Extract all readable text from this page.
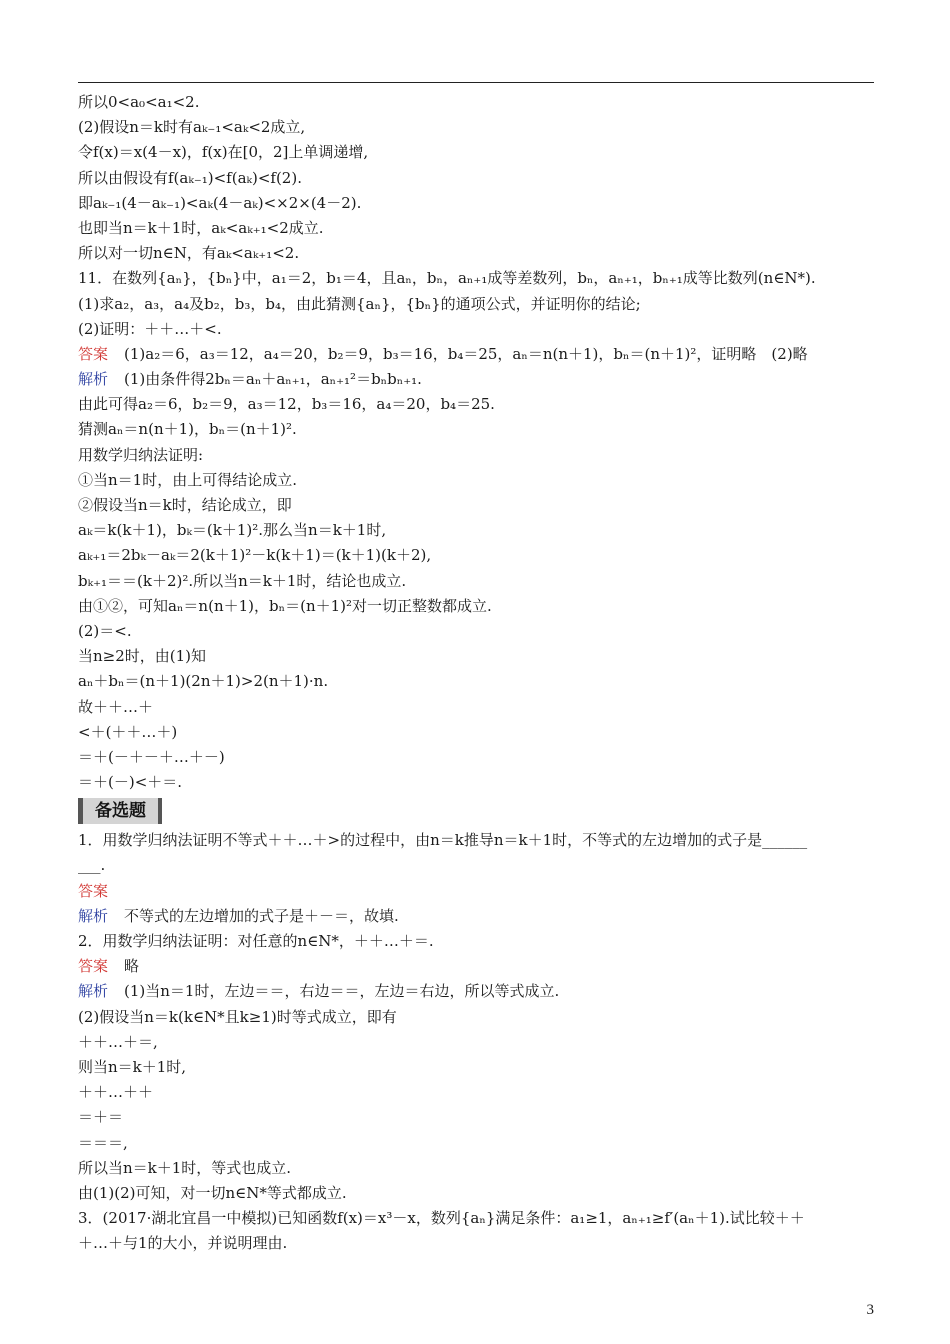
所以0<a₀<a₁<2.
(2)假设n＝k时有aₖ₋₁<aₖ<2成立,
令f(x)＝x(4－x)，f(x)在[0，2]上单调递增,
所以由假设有f(aₖ₋₁)<f(aₖ)<f(2).
即aₖ₋₁(4－aₖ₋₁)<aₖ(4－aₖ)<×2×(4－2).
也即当n＝k＋1时，aₖ<aₖ₊₁<2成立.
所以对一切n∈N，有aₖ<aₖ₊₁<2.
11．在数列{aₙ}，{bₙ}中，a₁＝2，b₁＝4，且aₙ，bₙ，aₙ₊₁成等差数列，bₙ，aₙ₊₁，bₙ₊₁成等比数列(n∈N*).
(1)求a₂，a₃，a₄及b₂，b₃，b₄，由此猜测{aₙ}，{bₙ}的通项公式，并证明你的结论;
(2)证明：＋＋…＋<.
答案 (1)a₂＝6，a₃＝12，a₄＝20，b₂＝9，b₃＝16，b₄＝25，aₙ＝n(n＋1)，bₙ＝(n＋1)²，证明略　(2)略
解析 (1)由条件得2bₙ＝aₙ＋aₙ₊₁，aₙ₊₁²＝bₙbₙ₊₁.
由此可得a₂＝6，b₂＝9，a₃＝12，b₃＝16，a₄＝20，b₄＝25.
猜测aₙ＝n(n＋1)，bₙ＝(n＋1)².
用数学归纳法证明:
①当n＝1时，由上可得结论成立.
②假设当n＝k时，结论成立，即
aₖ＝k(k＋1)，bₖ＝(k＋1)².那么当n＝k＋1时,
aₖ₊₁＝2bₖ－aₖ＝2(k＋1)²－k(k＋1)＝(k＋1)(k＋2),
bₖ₊₁＝＝(k＋2)².所以当n＝k＋1时，结论也成立.
由①②，可知aₙ＝n(n＋1)，bₙ＝(n＋1)²对一切正整数都成立.
(2)＝<.
当n≥2时，由(1)知
aₙ＋bₙ＝(n＋1)(2n＋1)>2(n＋1)·n.
故＋＋…＋
<＋(＋＋…＋)
＝＋(－＋－＋…＋－)
＝＋(－)<＋＝.
备选题
1．用数学归纳法证明不等式＋＋…＋>的过程中，由n＝k推导n＝k＋1时，不等式的左边增加的式子是______
___.
答案
解析 不等式的左边增加的式子是＋－＝，故填.
2．用数学归纳法证明：对任意的n∈N*，＋＋…＋＝.
答案 略
解析 (1)当n＝1时，左边＝＝，右边＝＝，左边＝右边，所以等式成立.
(2)假设当n＝k(k∈N*且k≥1)时等式成立，即有
＋＋…＋＝,
则当n＝k＋1时,
＋＋…＋＋
＝＋＝
＝＝＝,
所以当n＝k＋1时，等式也成立.
由(1)(2)可知，对一切n∈N*等式都成立.
3．(2017·湖北宜昌一中模拟)已知函数f(x)＝x³－x，数列{aₙ}满足条件：a₁≥1，aₙ₊₁≥f′(aₙ＋1).试比较＋＋
＋…＋与1的大小，并说明理由.
3
